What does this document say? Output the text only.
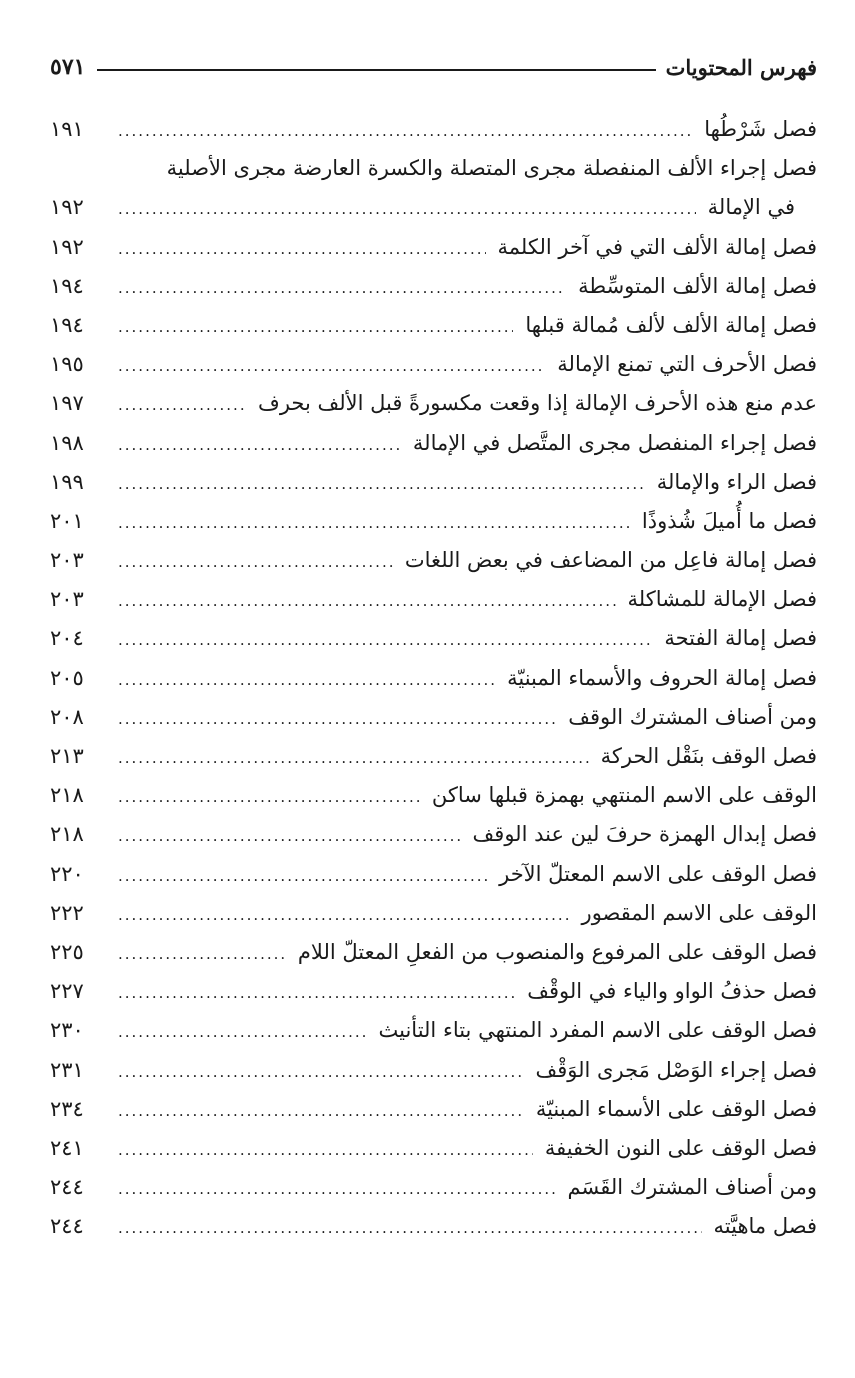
فهرس المحتويات
٥٧١
فصل شَرْطُها
.....
١٩١
فصل إجراء الألف المنفصلة مجرى المتصلة والكسرة العارضة مجرى الأصلية
في الإمالة
.....
١٩٢
فصل إمالة الألف التي في آخر الكلمة
.....
١٩٢
فصل إمالة الألف المتوسِّطة
.....
١٩٤
فصل إمالة الألف لألف مُمالة قبلها
.....
١٩٤
فصل الأحرف التي تمنع الإمالة
.....
١٩٥
عدم منع هذه الأحرف الإمالة إذا وقعت مكسورةً قبل الألف بحرف
.....
١٩٧
فصل إجراء المنفصل مجرى المتَّصل في الإمالة
.....
١٩٨
فصل الراء والإمالة
.....
١٩٩
فصل ما أُميلَ شُذوذًا
.....
٢٠١
فصل إمالة فاعِل من المضاعف في بعض اللغات
.....
٢٠٣
فصل الإمالة للمشاكلة
.....
٢٠٣
فصل إمالة الفتحة
.....
٢٠٤
فصل إمالة الحروف والأسماء المبنيّة
.....
٢٠٥
ومن أصناف المشترك الوقف
.....
٢٠٨
فصل الوقف بنَقْل الحركة
.....
٢١٣
الوقف على الاسم المنتهي بهمزة قبلها ساكن
.....
٢١٨
فصل إبدال الهمزة حرفَ لين عند الوقف
.....
٢١٨
فصل الوقف على الاسم المعتلّ الآخر
.....
٢٢٠
الوقف على الاسم المقصور
.....
٢٢٢
فصل الوقف على المرفوع والمنصوب من الفعلِ المعتلّ اللام
.....
٢٢٥
فصل حذفُ الواو والياء في الوقْف
.....
٢٢٧
فصل الوقف على الاسم المفرد المنتهي بتاء التأنيث
.....
٢٣٠
فصل إجراء الوَصْل مَجرى الوَقْف
.....
٢٣١
فصل الوقف على الأسماء المبنيّة
.....
٢٣٤
فصل الوقف على النون الخفيفة
.....
٢٤١
ومن أصناف المشترك القَسَم
.....
٢٤٤
فصل ماهيَّته
.....
٢٤٤
